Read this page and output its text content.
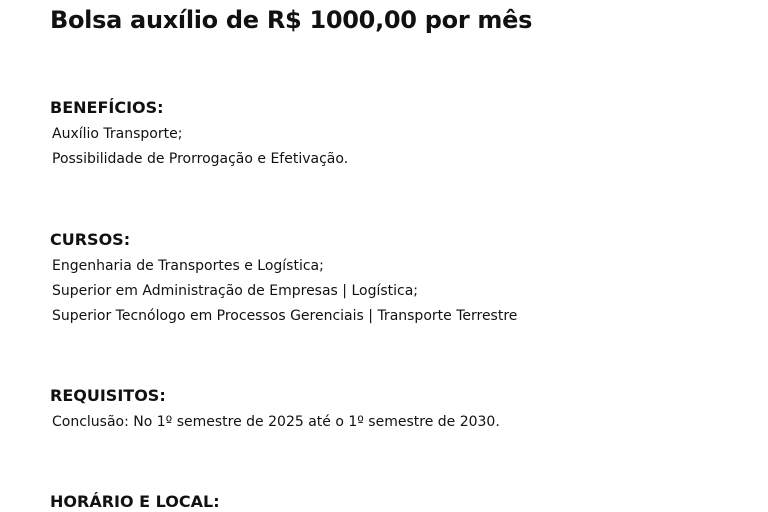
Bolsa auxílio de R$ 1000,00 por mês
BENEFÍCIOS:
Auxílio Transporte;
Possibilidade de Prorrogação e Efetivação.
CURSOS:
Engenharia de Transportes e Logística;
Superior em Administração de Empresas | Logística;
Superior Tecnólogo em Processos Gerenciais | Transporte Terrestre
REQUISITOS:
Conclusão: No 1º semestre de 2025 até o 1º semestre de 2030.
HORÁRIO E LOCAL:
